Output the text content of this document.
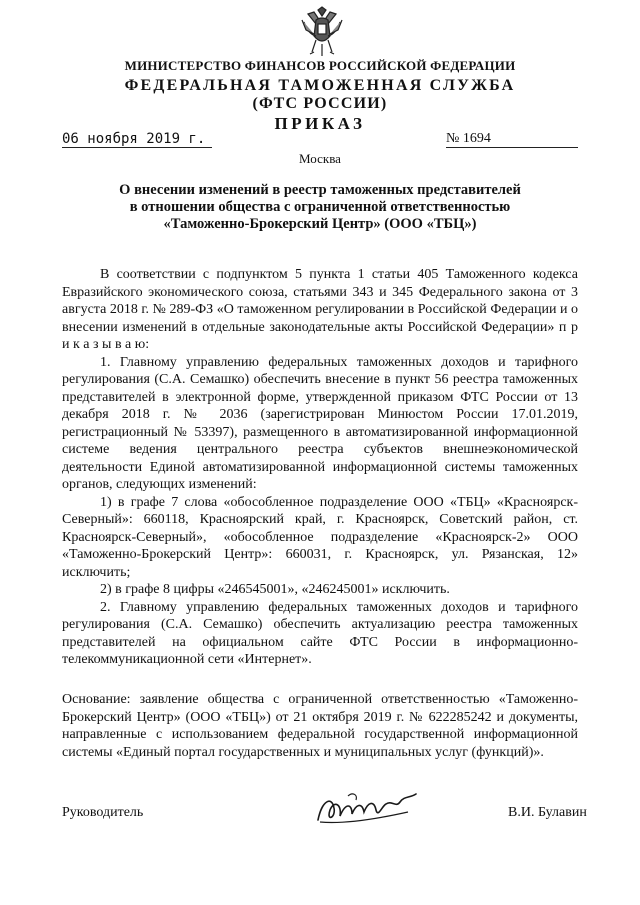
МИНИСТЕРСТВО ФИНАНСОВ РОССИЙСКОЙ ФЕДЕРАЦИИ
ФЕДЕРАЛЬНАЯ ТАМОЖЕННАЯ СЛУЖБА
(ФТС РОССИИ)
ПРИКАЗ
06 ноября 2019 г.	№ 1694
Москва
О внесении изменений в реестр таможенных представителей
в отношении общества с ограниченной ответственностью
«Таможенно-Брокерский Центр» (ООО «ТБЦ»)

В соответствии с подпунктом 5 пункта 1 статьи 405 Таможенного кодекса Евразийского экономического союза, статьями 343 и 345 Федерального закона от 3 августа 2018 г. № 289-ФЗ «О таможенном регулировании в Российской Федерации и о внесении изменений в отдельные законодательные акты Российской Федерации» п р и к а з ы в а ю:

1. Главному управлению федеральных таможенных доходов и тарифного регулирования (С.А. Семашко) обеспечить внесение в пункт 56 реестра таможенных представителей в электронной форме, утвержденной приказом ФТС России от 13 декабря 2018 г. № 2036 (зарегистрирован Минюстом России 17.01.2019, регистрационный № 53397), размещенного в автоматизированной информационной системе ведения центрального реестра субъектов внешнеэкономической деятельности Единой автоматизированной информационной системы таможенных органов, следующих изменений:

1) в графе 7 слова «обособленное подразделение ООО «ТБЦ» «Красноярск-Северный»: 660118, Красноярский край, г. Красноярск, Советский район, ст. Красноярск-Северный», «обособленное подразделение «Красноярск-2» ООО «Таможенно-Брокерский Центр»: 660031, г. Красноярск, ул. Рязанская, 12» исключить;

2) в графе 8 цифры «246545001», «246245001» исключить.

2. Главному управлению федеральных таможенных доходов и тарифного регулирования (С.А. Семашко) обеспечить актуализацию реестра таможенных представителей на официальном сайте ФТС России в информационно-телекоммуникационной сети «Интернет».

Основание: заявление общества с ограниченной ответственностью «Таможенно-Брокерский Центр» (ООО «ТБЦ») от 21 октября 2019 г. № 622285242 и документы, направленные с использованием федеральной государственной информационной системы «Единый портал государственных и муниципальных услуг (функций)».

Руководитель	В.И. Булавин
